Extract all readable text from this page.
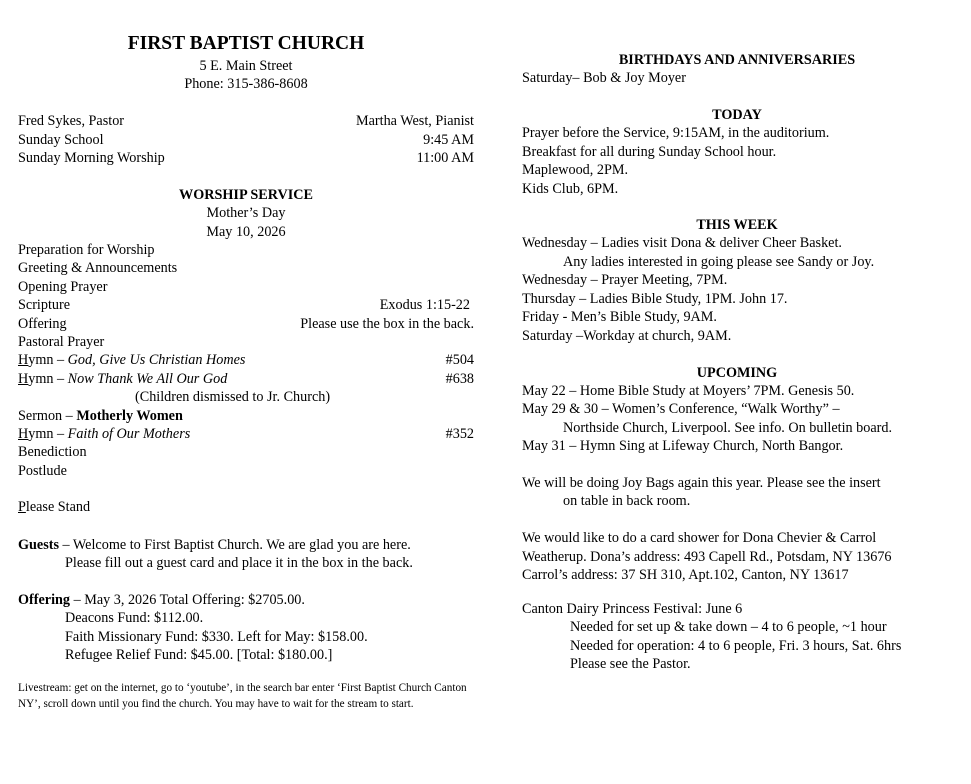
FIRST BAPTIST CHURCH
5 E. Main Street
Phone: 315-386-8608
Fred Sykes, Pastor	Martha West, Pianist
Sunday School	9:45 AM
Sunday Morning Worship	11:00 AM
WORSHIP SERVICE
Mother’s Day
May 10, 2026
Preparation for Worship
Greeting & Announcements
Opening Prayer
Scripture	Exodus 1:15-22
Offering	Please use the box in the back.
Pastoral Prayer
Hymn – God, Give Us Christian Homes	#504
Hymn – Now Thank We All Our God	#638
(Children dismissed to Jr. Church)
Sermon – Motherly Women
Hymn – Faith of Our Mothers	#352
Benediction
Postlude
Please Stand
Guests – Welcome to First Baptist Church. We are glad you are here.
Please fill out a guest card and place it in the box in the back.
Offering – May 3, 2026 Total Offering: $2705.00.
Deacons Fund: $112.00.
Faith Missionary Fund: $330. Left for May: $158.00.
Refugee Relief Fund: $45.00. [Total: $180.00.]
Livestream: get on the internet, go to ‘youtube’, in the search bar enter ‘First Baptist Church Canton NY’, scroll down until you find the church. You may have to wait for the stream to start.
BIRTHDAYS AND ANNIVERSARIES
Saturday– Bob & Joy Moyer
TODAY
Prayer before the Service, 9:15AM, in the auditorium.
Breakfast for all during Sunday School hour.
Maplewood, 2PM.
Kids Club, 6PM.
THIS WEEK
Wednesday – Ladies visit Dona & deliver Cheer Basket.
Any ladies interested in going please see Sandy or Joy.
Wednesday – Prayer Meeting, 7PM.
Thursday – Ladies Bible Study, 1PM. John 17.
Friday - Men’s Bible Study, 9AM.
Saturday –Workday at church, 9AM.
UPCOMING
May 22 – Home Bible Study at Moyers’ 7PM. Genesis 50.
May 29 & 30 – Women’s Conference, “Walk Worthy” –
Northside Church, Liverpool. See info. On bulletin board.
May 31 – Hymn Sing at Lifeway Church, North Bangor.
We will be doing Joy Bags again this year. Please see the insert
on table in back room.
We would like to do a card shower for Dona Chevier & Carrol
Weatherup. Dona’s address: 493 Capell Rd., Potsdam, NY 13676
Carrol’s address: 37 SH 310, Apt.102, Canton, NY 13617
Canton Dairy Princess Festival: June 6
Needed for set up & take down – 4 to 6 people, ~1 hour
Needed for operation: 4 to 6 people, Fri. 3 hours, Sat. 6hrs
Please see the Pastor.
